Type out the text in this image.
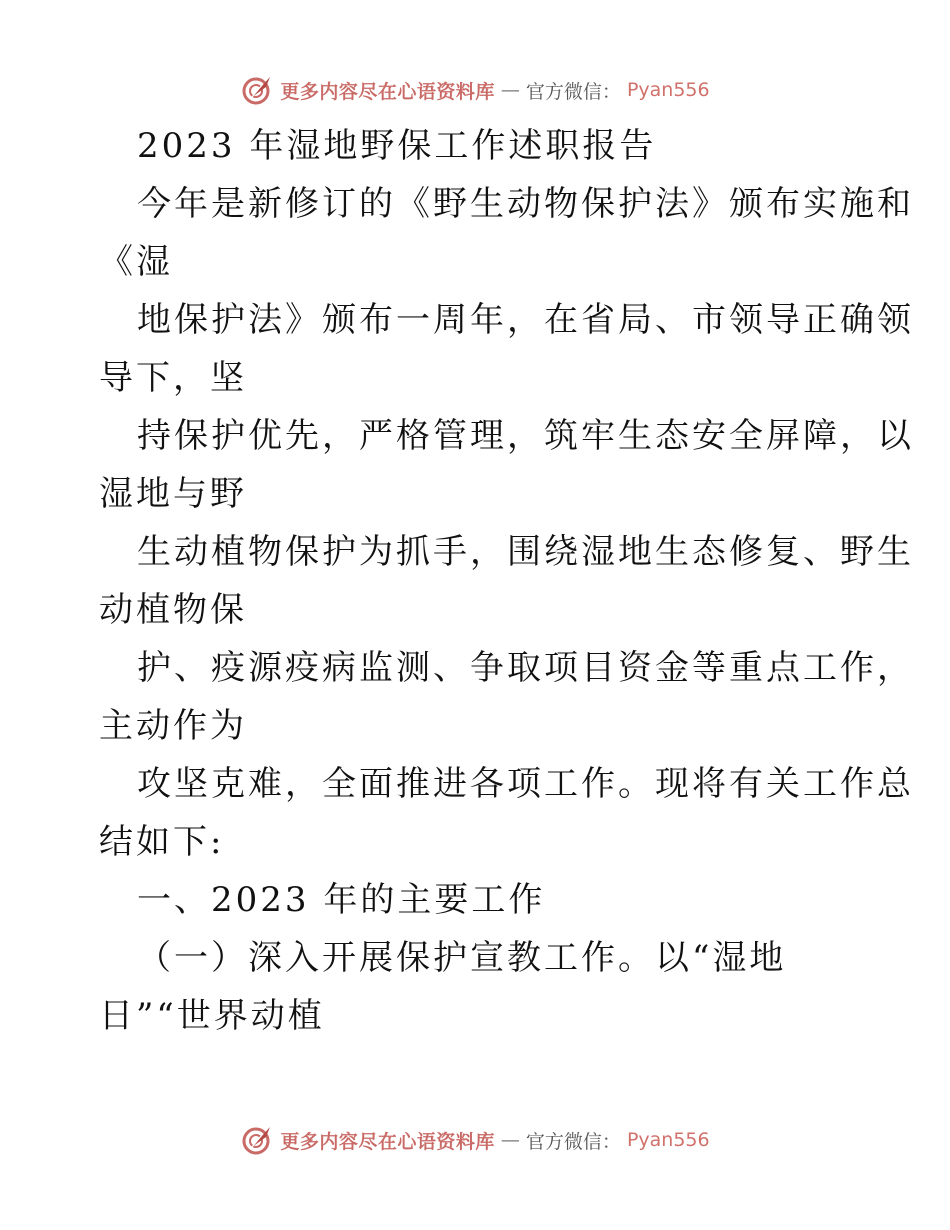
更多内容尽在心语资料库 — 官方微信： Pyan556
2023 年湿地野保工作述职报告
今年是新修订的《野生动物保护法》颁布实施和
《湿
地保护法》颁布一周年，在省局、市领导正确领
导下，坚
持保护优先，严格管理，筑牢生态安全屏障，以
湿地与野
生动植物保护为抓手，围绕湿地生态修复、野生
动植物保
护、疫源疫病监测、争取项目资金等重点工作，
主动作为
攻坚克难，全面推进各项工作。现将有关工作总
结如下:
一、2023 年的主要工作
（一）深入开展保护宣教工作。以“湿地
日”“世界动植
更多内容尽在心语资料库 — 官方微信： Pyan556
